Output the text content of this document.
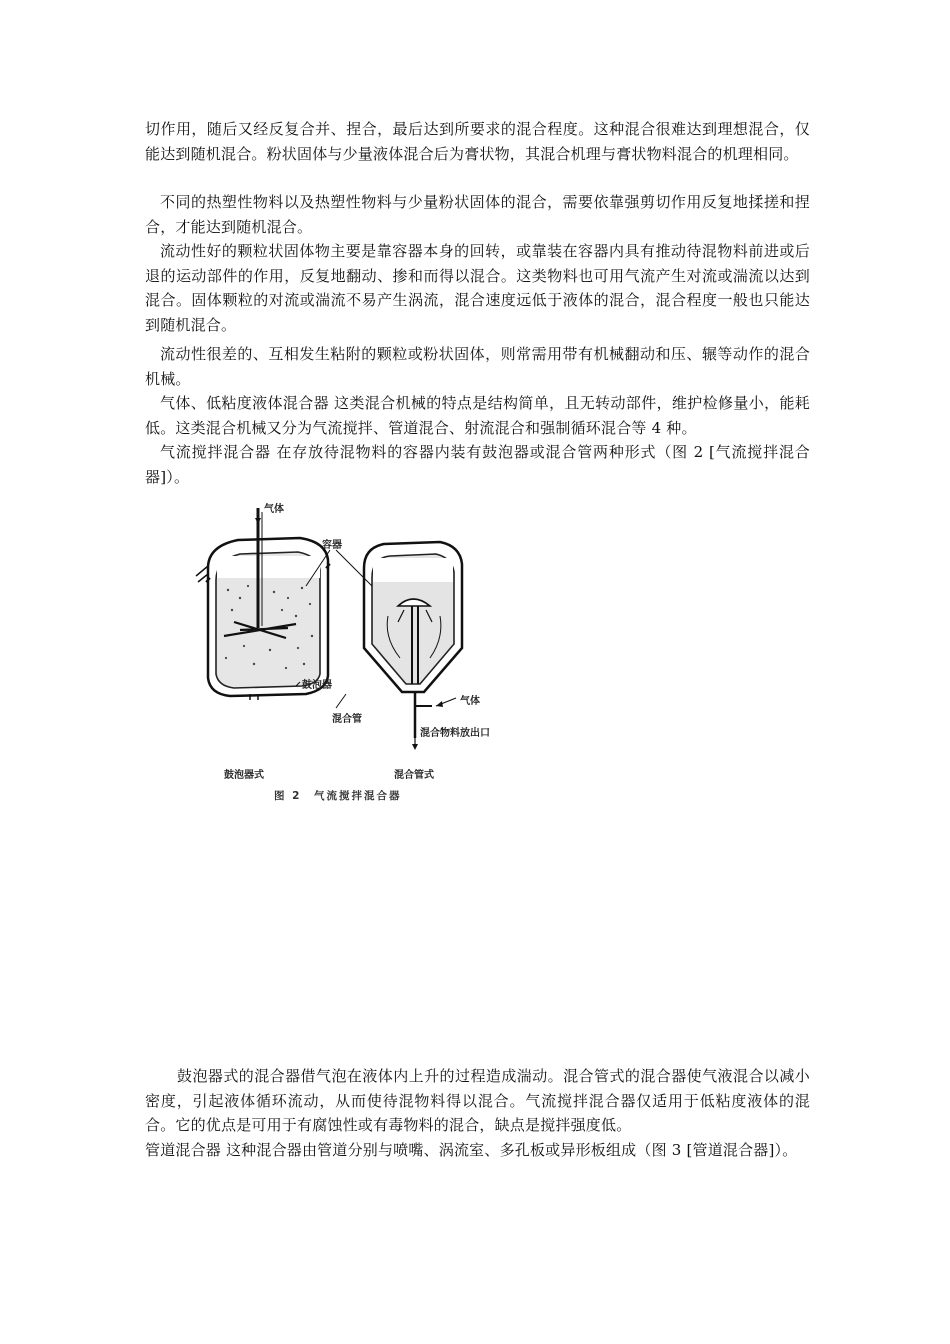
切作用，随后又经反复合并、捏合，最后达到所要求的混合程度。这种混合很难达到理想混合，仅能达到随机混合。粉状固体与少量液体混合后为膏状物，其混合机理与膏状物料混合的机理相同。

不同的热塑性物料以及热塑性物料与少量粉状固体的混合，需要依靠强剪切作用反复地揉搓和捏合，才能达到随机混合。

流动性好的颗粒状固体物主要是靠容器本身的回转，或靠装在容器内具有推动待混物料前进或后退的运动部件的作用，反复地翻动、掺和而得以混合。这类物料也可用气流产生对流或湍流以达到混合。固体颗粒的对流或湍流不易产生涡流，混合速度远低于液体的混合，混合程度一般也只能达到随机混合。

流动性很差的、互相发生粘附的颗粒或粉状固体，则常需用带有机械翻动和压、辗等动作的混合机械。

气体、低粘度液体混合器 这类混合机械的特点是结构简单，且无转动部件，维护检修量小，能耗低。这类混合机械又分为气流搅拌、管道混合、射流混合和强制循环混合等 4 种。

气流搅拌混合器 在存放待混物料的容器内装有鼓泡器或混合管两种形式（图 2 [气流搅拌混合器]）。

气体
容器
鼓泡器
混合管
气体
混合物料放出口
鼓泡器式	混合管式
图 2　气流搅拌混合器

鼓泡器式的混合器借气泡在液体内上升的过程造成湍动。混合管式的混合器使气液混合以减小密度，引起液体循环流动，从而使待混物料得以混合。气流搅拌混合器仅适用于低粘度液体的混合。它的优点是可用于有腐蚀性或有毒物料的混合，缺点是搅拌强度低。

管道混合器 这种混合器由管道分别与喷嘴、涡流室、多孔板或异形板组成（图 3 [管道混合器]）。
